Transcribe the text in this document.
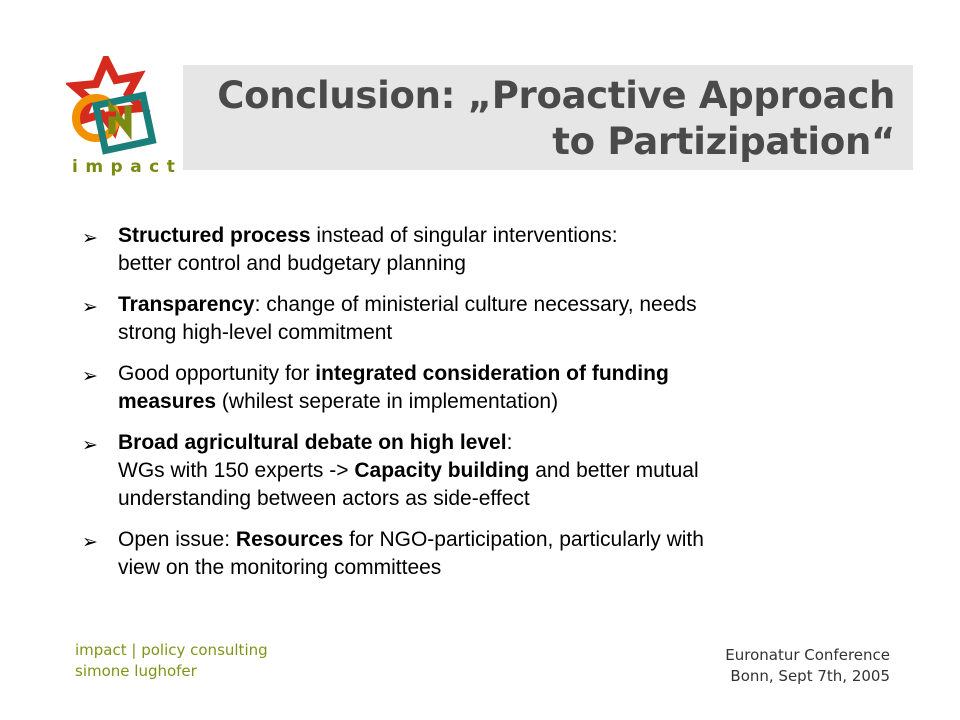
impact
Conclusion: „Proactive Approach
to Partizipation“
➢ Structured process instead of singular interventions:
better control and budgetary planning
➢ Transparency: change of ministerial culture necessary, needs
strong high-level commitment
➢ Good opportunity for integrated consideration of funding
measures (whilest seperate in implementation)
➢ Broad agricultural debate on high level:
WGs with 150 experts -> Capacity building and better mutual
understanding between actors as side-effect
➢ Open issue: Resources for NGO-participation, particularly with
view on the monitoring committees
impact | policy consulting
simone lughofer
Euronatur Conference
Bonn, Sept 7th, 2005
